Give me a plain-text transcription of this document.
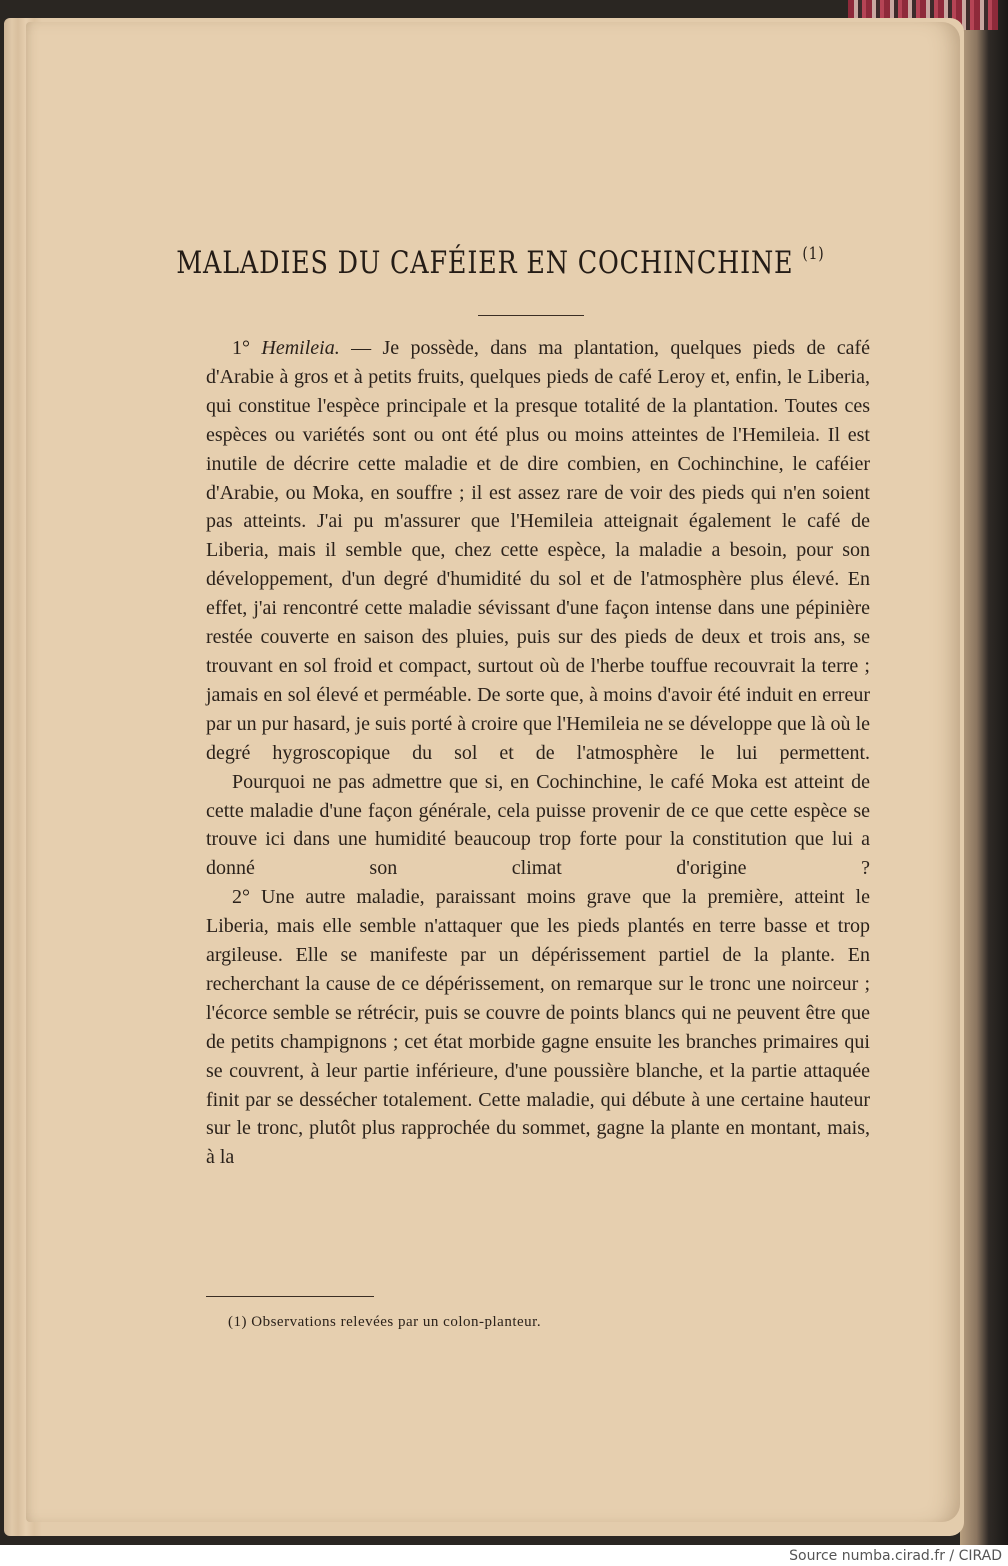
MALADIES DU CAFÉIER EN COCHINCHINE $^{(1)}$

1° Hemileia. — Je possède, dans ma plantation, quelques pieds de café d'Arabie à gros et à petits fruits, quelques pieds de café Leroy et, enfin, le Liberia, qui constitue l'espèce principale et la presque totalité de la plantation. Toutes ces espèces ou variétés sont ou ont été plus ou moins atteintes de l'Hemileia. Il est inutile de décrire cette maladie et de dire combien, en Cochinchine, le caféier d'Arabie, ou Moka, en souffre ; il est assez rare de voir des pieds qui n'en soient pas atteints. J'ai pu m'assurer que l'Hemileia atteignait également le café de Liberia, mais il semble que, chez cette espèce, la maladie a besoin, pour son développement, d'un degré d'humidité du sol et de l'atmosphère plus élevé. En effet, j'ai rencontré cette maladie sévissant d'une façon intense dans une pépinière restée couverte en saison des pluies, puis sur des pieds de deux et trois ans, se trouvant en sol froid et compact, surtout où de l'herbe touffue recouvrait la terre ; jamais en sol élevé et perméable. De sorte que, à moins d'avoir été induit en erreur par un pur hasard, je suis porté à croire que l'Hemileia ne se développe que là où le degré hygroscopique du sol et de l'atmosphère le lui permettent.

Pourquoi ne pas admettre que si, en Cochinchine, le café Moka est atteint de cette maladie d'une façon générale, cela puisse provenir de ce que cette espèce se trouve ici dans une humidité beaucoup trop forte pour la constitution que lui a donné son climat d'origine ?

2° Une autre maladie, paraissant moins grave que la première, atteint le Liberia, mais elle semble n'attaquer que les pieds plantés en terre basse et trop argileuse. Elle se manifeste par un dépérissement partiel de la plante. En recherchant la cause de ce dépérissement, on remarque sur le tronc une noirceur ; l'écorce semble se rétrécir, puis se couvre de points blancs qui ne peuvent être que de petits champignons ; cet état morbide gagne ensuite les branches primaires qui se couvrent, à leur partie inférieure, d'une poussière blanche, et la partie attaquée finit par se dessécher totalement. Cette maladie, qui débute à une certaine hauteur sur le tronc, plutôt plus rapprochée du sommet, gagne la plante en montant, mais, à la

(1) Observations relevées par un colon-planteur.
Source numba.cirad.fr / CIRAD
